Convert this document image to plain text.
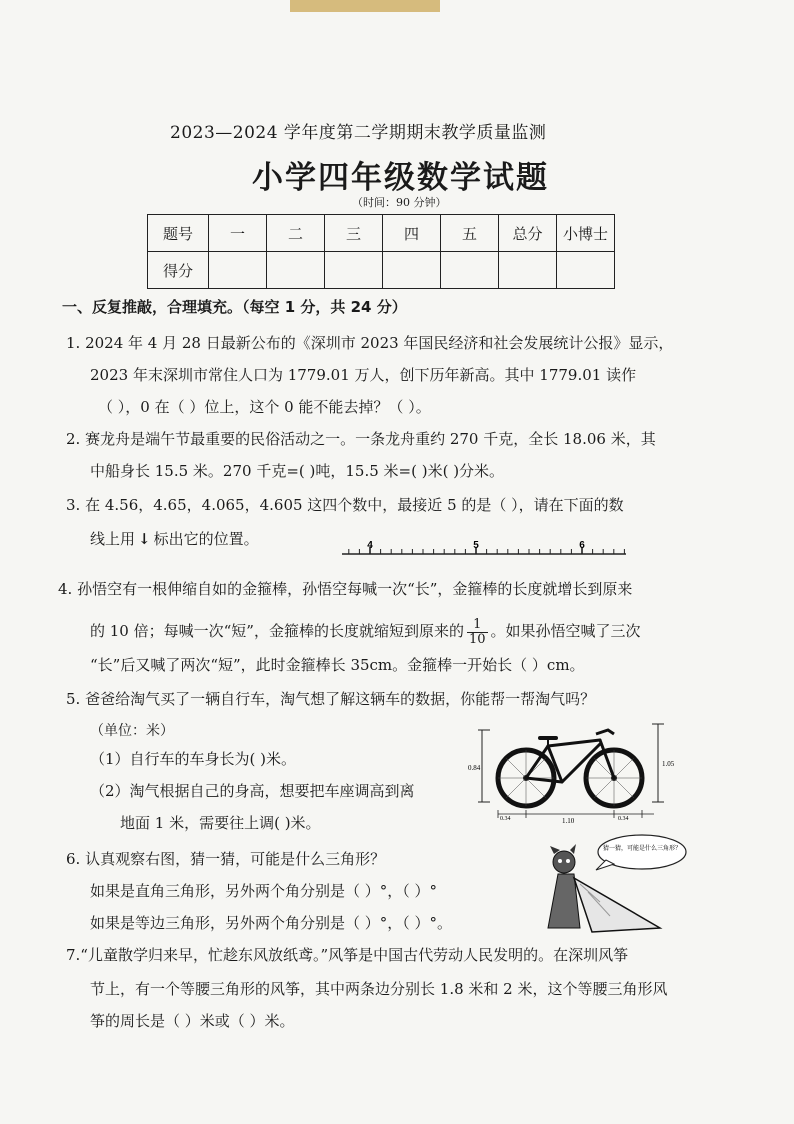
2023—2024 学年度第二学期期末教学质量监测
小学四年级数学试题
（时间：90 分钟）
题号	一	二	三	四	五	总分	小博士
得分							
一、反复推敲，合理填充。（每空 1 分，共 24 分）
1. 2024 年 4 月 28 日最新公布的《深圳市 2023 年国民经济和社会发展统计公报》显示，
2023 年末深圳市常住人口为 1779.01 万人，创下历年新高。其中 1779.01 读作
（ ），0 在（ ）位上，这个 0 能不能去掉？（ ）。
2. 赛龙舟是端午节最重要的民俗活动之一。一条龙舟重约 270 千克，全长 18.06 米，其
中船身长 15.5 米。270 千克=( )吨，15.5 米=( )米( )分米。
3. 在 4.56，4.65，4.065，4.605 这四个数中，最接近 5 的是（ ），请在下面的数
线上用 ↓ 标出它的位置。	4	5	6
4. 孙悟空有一根伸缩自如的金箍棒，孙悟空每喊一次“长”，金箍棒的长度就增长到原来
的 10 倍；每喊一次“短”，金箍棒的长度就缩短到原来的 $\frac{1}{10}$ 。如果孙悟空喊了三次
“长”后又喊了两次“短”，此时金箍棒长 35cm。金箍棒一开始长（ ）cm。
5. 爸爸给淘气买了一辆自行车，淘气想了解这辆车的数据，你能帮一帮淘气吗？
（单位：米）
（1）自行车的车身长为( )米。
（2）淘气根据自己的身高，想要把车座调高到离
地面 1 米，需要往上调( )米。
0.84	1.05
0.34	1.10	0.34
6. 认真观察右图，猜一猜，可能是什么三角形？
如果是直角三角形，另外两个角分别是（ ）°，（ ）°
如果是等边三角形，另外两个角分别是（ ）°，（ ）°。
猜一猜，可能是什么三角形？
7.“儿童散学归来早，忙趁东风放纸鸢。”风筝是中国古代劳动人民发明的。在深圳风筝
节上，有一个等腰三角形的风筝，其中两条边分别长 1.8 米和 2 米，这个等腰三角形风
筝的周长是（ ）米或（ ）米。
